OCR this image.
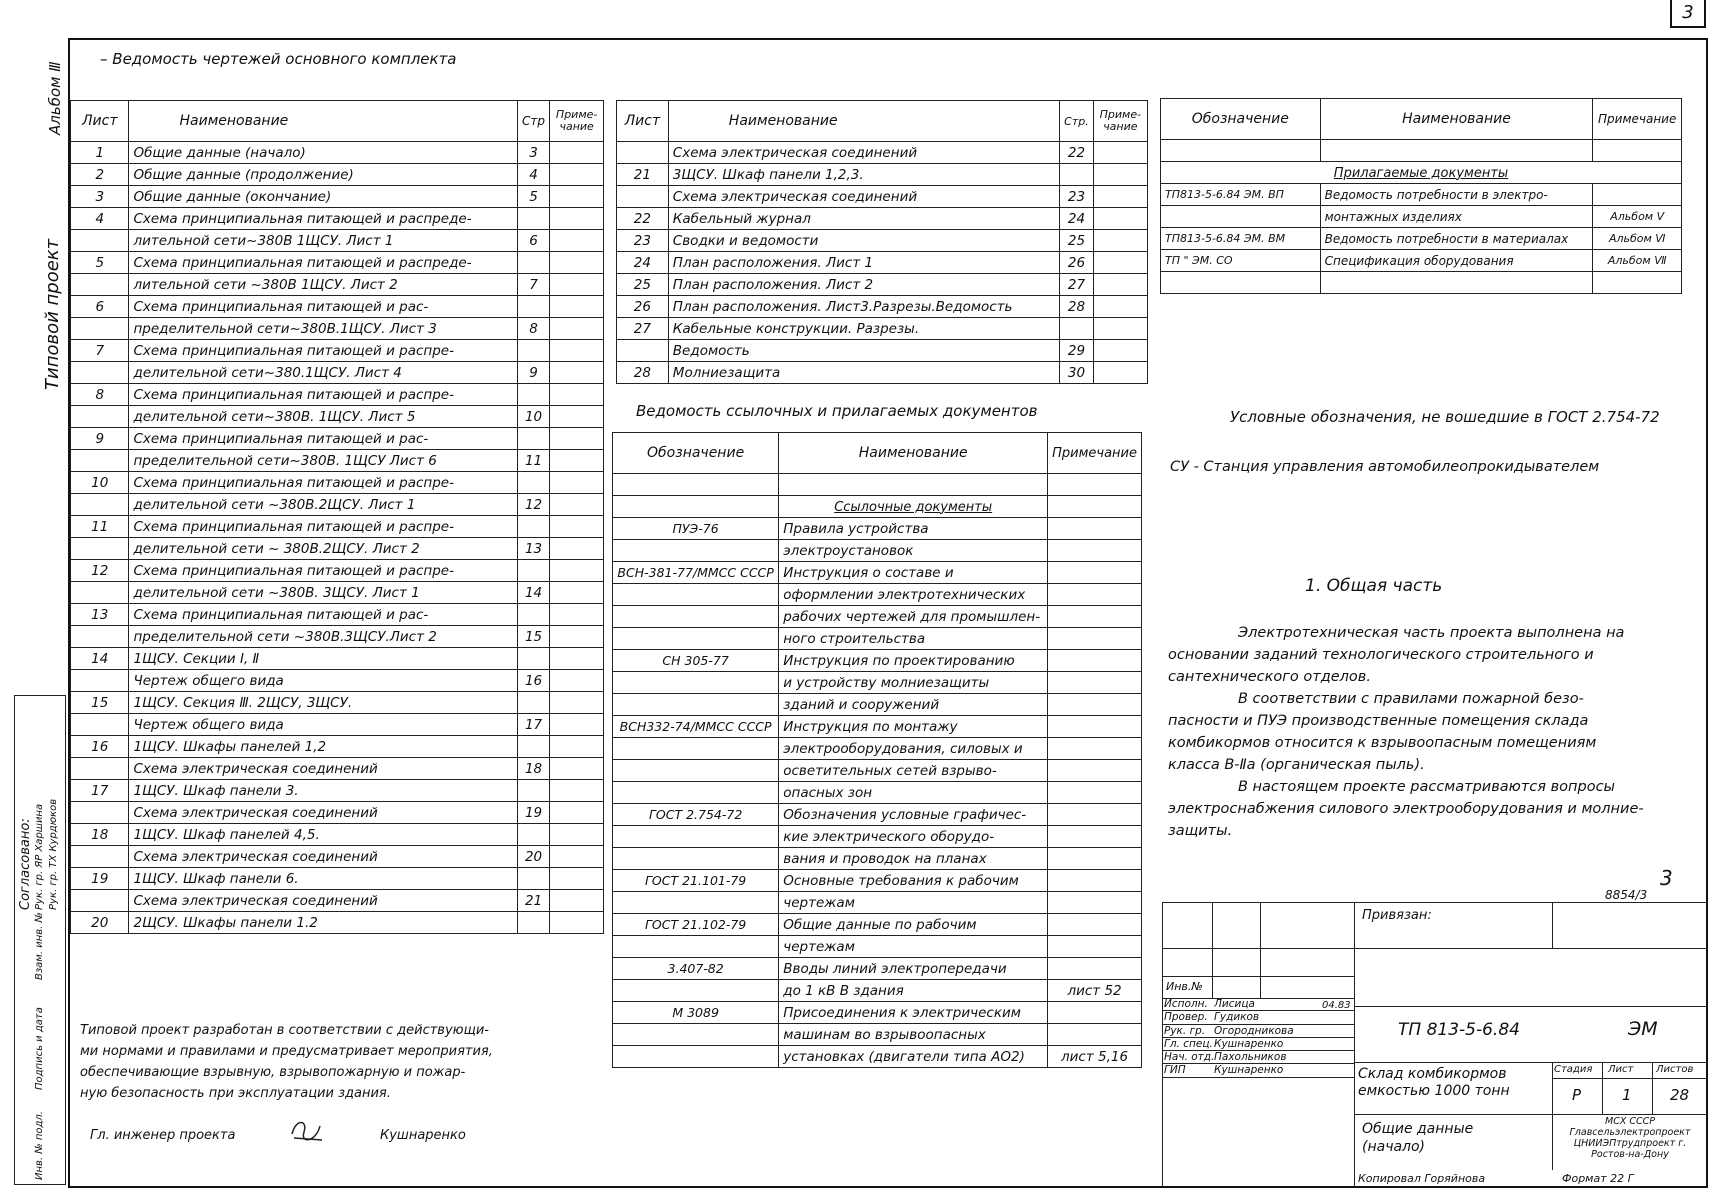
3
Альбом Ⅲ
Типовой проект
Согласовано: Рук. гр. ЯР Харшина Рук. гр. ТХ Курдюков
Взам. инв. №
Подпись и дата
Инв. № подл.
– Ведомость чертежей основного комплекта
Лист	Наименование	Стр	Приме-чание
1	Общие данные (начало)	3	
2	Общие данные (продолжение)	4	
3	Общие данные (окончание)	5	
4	Схема принципиальная питающей и распреде-		
	лительной сети~380В 1ЩСУ. Лист 1	6	
5	Схема принципиальная питающей и распреде-		
	лительной сети ~380В 1ЩСУ. Лист 2	7	
6	Схема принципиальная питающей и рас-		
	пределительной сети~380В.1ЩСУ. Лист 3	8	
7	Схема принципиальная питающей и распре-		
	делительной сети~380.1ЩСУ. Лист 4	9	
8	Схема принципиальная питающей и распре-		
	делительной сети~380В. 1ЩСУ. Лист 5	10	
9	Схема принципиальная питающей и рас-		
	пределительной сети~380В. 1ЩСУ Лист 6	11	
10	Схема принципиальная питающей и распре-		
	делительной сети ~380В.2ЩСУ. Лист 1	12	
11	Схема принципиальная питающей и распре-		
	делительной сети ~ 380В.2ЩСУ. Лист 2	13	
12	Схема принципиальная питающей и распре-		
	делительной сети ~380В. 3ЩСУ. Лист 1	14	
13	Схема принципиальная питающей и рас-		
	пределительной сети ~380В.3ЩСУ.Лист 2	15	
14	1ЩСУ. Секции Ⅰ, Ⅱ		
	Чертеж общего вида	16	
15	1ЩСУ. Секция Ⅲ. 2ЩСУ, 3ЩСУ.		
	Чертеж общего вида	17	
16	1ЩСУ. Шкафы панелей 1,2		
	Схема электрическая соединений	18	
17	1ЩСУ. Шкаф панели 3.		
	Схема электрическая соединений	19	
18	1ЩСУ. Шкаф панелей 4,5.		
	Схема электрическая соединений	20	
19	1ЩСУ. Шкаф панели 6.		
	Схема электрическая соединений	21	
20	2ЩСУ. Шкафы панели 1.2		
Лист	Наименование	Стр.	Приме-чание
	Схема электрическая соединений	22	
21	3ЩСУ. Шкаф панели 1,2,3.		
	Схема электрическая соединений	23	
22	Кабельный журнал	24	
23	Сводки и ведомости	25	
24	План расположения. Лист 1	26	
25	План расположения. Лист 2	27	
26	План расположения. Лист3.Разрезы.Ведомость	28	
27	Кабельные конструкции. Разрезы.		
	Ведомость	29	
28	Молниезащита	30	
Ведомость ссылочных и прилагаемых документов
Обозначение	Наименование	Примечание

	Ссылочные документы	
ПУЭ-76	Правила устройства	
	электроустановок	
ВСН-381-77/ММСС СССР	Инструкция о составе и	
	оформлении электротехнических	
	рабочих чертежей для промышлен-	
	ного строительства	
СН 305-77	Инструкция по проектированию	
	и устройству молниезащиты	
	зданий и сооружений	
ВСН332-74/ММСС СССР	Инструкция по монтажу	
	электрооборудования, силовых и	
	осветительных сетей взрыво-	
	опасных зон	
ГОСТ 2.754-72	Обозначения условные графичес-	
	кие электрического оборудо-	
	вания и проводок на планах	
ГОСТ 21.101-79	Основные требования к рабочим	
	чертежам	
ГОСТ 21.102-79	Общие данные по рабочим	
	чертежам	
3.407-82	Вводы линий электропередачи	
	до 1 кВ В здания	лист 52
М 3089	Присоединения к электрическим	
	машинам во взрывоопасных	
	установках (двигатели типа АО2)	лист 5,16
Обозначение	Наименование	Примечание

Прилагаемые документы		
ТП813-5-6.84 ЭМ. ВП	Ведомость потребности в электро-	
	монтажных изделиях	Альбом Ⅴ
ТП813-5-6.84 ЭМ. ВМ	Ведомость потребности в материалах	Альбом Ⅵ
ТП " ЭМ. СО	Спецификация оборудования	Альбом Ⅶ

Условные обозначения, не вошедшие в ГОСТ 2.754-72
СУ - Станция управления автомобилеопрокидывателем
1. Общая часть
Электротехническая часть проекта выполнена на
основании заданий технологического строительного и
сантехнического отделов.
В соответствии с правилами пожарной безо-
пасности и ПУЭ производственные помещения склада
комбикормов относится к взрывоопасным помещениям
класса В-Ⅱа (органическая пыль).
В настоящем проекте рассматриваются вопросы
электроснабжения силового электрооборудования и молние-
защиты.
3
8854/3
Типовой проект разработан в соответствии с действующи-
ми нормами и правилами и предусматривает мероприятия,
обеспечивающие взрывную, взрывопожарную и пожар-
ную безопасность при эксплуатации здания.
Гл. инженер проекта	Кушнаренко
Привязан:
Инв.№
Исполн. Лисица
Провер. Гудиков
Рук. гр. Огородникова
Гл. спец. Кушнаренко
Нач. отд. Пахольников
ГИП	Кушнаренко
04.83
ТП 813-5-6.84	ЭМ
Склад комбикормов емкостью 1000 тонн
Стадия Лист Листов
Р	1	28
Общие данные (начало)
МСХ СССР Главсельэлектропроект ЦНИИЭПтрудпроект г. Ростов-на-Дону
Копировал Горяйнова	Формат 22 Г
